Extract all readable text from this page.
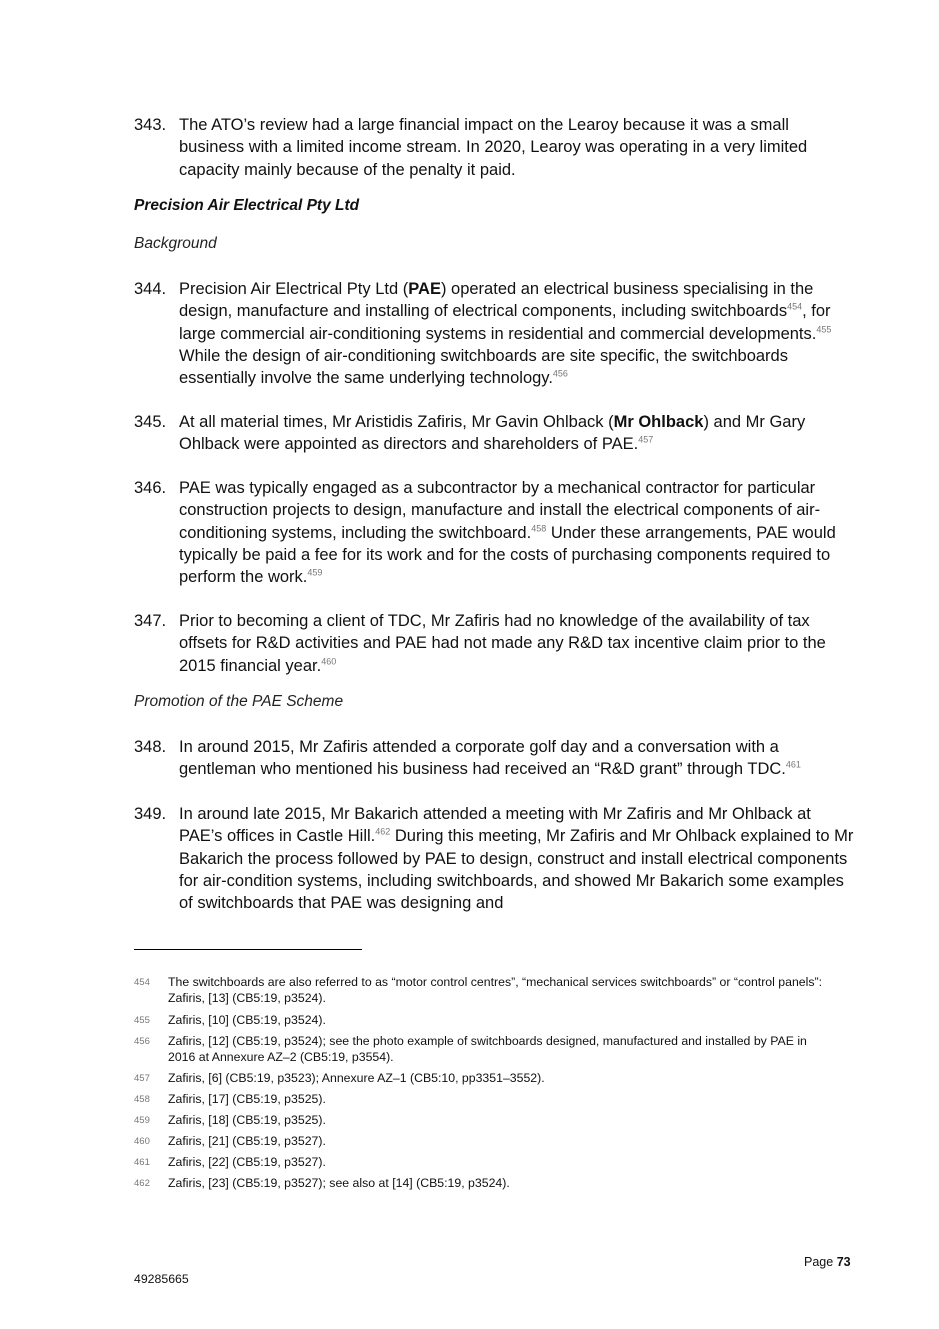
343. The ATO’s review had a large financial impact on the Learoy because it was a small business with a limited income stream. In 2020, Learoy was operating in a very limited capacity mainly because of the penalty it paid.
Precision Air Electrical Pty Ltd
Background
344. Precision Air Electrical Pty Ltd (PAE) operated an electrical business specialising in the design, manufacture and installing of electrical components, including switchboards$^{454}$, for large commercial air-conditioning systems in residential and commercial developments.$^{455}$ While the design of air-conditioning switchboards are site specific, the switchboards essentially involve the same underlying technology.$^{456}$
345. At all material times, Mr Aristidis Zafiris, Mr Gavin Ohlback (Mr Ohlback) and Mr Gary Ohlback were appointed as directors and shareholders of PAE.$^{457}$
346. PAE was typically engaged as a subcontractor by a mechanical contractor for particular construction projects to design, manufacture and install the electrical components of air-conditioning systems, including the switchboard.$^{458}$ Under these arrangements, PAE would typically be paid a fee for its work and for the costs of purchasing components required to perform the work.$^{459}$
347. Prior to becoming a client of TDC, Mr Zafiris had no knowledge of the availability of tax offsets for R&D activities and PAE had not made any R&D tax incentive claim prior to the 2015 financial year.$^{460}$
Promotion of the PAE Scheme
348. In around 2015, Mr Zafiris attended a corporate golf day and a conversation with a gentleman who mentioned his business had received an “R&D grant” through TDC.$^{461}$
349. In around late 2015, Mr Bakarich attended a meeting with Mr Zafiris and Mr Ohlback at PAE’s offices in Castle Hill.$^{462}$ During this meeting, Mr Zafiris and Mr Ohlback explained to Mr Bakarich the process followed by PAE to design, construct and install electrical components for air-condition systems, including switchboards, and showed Mr Bakarich some examples of switchboards that PAE was designing and
454 The switchboards are also referred to as “motor control centres”, “mechanical services switchboards” or “control panels”: Zafiris, [13] (CB5:19, p3524).
455 Zafiris, [10] (CB5:19, p3524).
456 Zafiris, [12] (CB5:19, p3524); see the photo example of switchboards designed, manufactured and installed by PAE in 2016 at Annexure AZ–2 (CB5:19, p3554).
457 Zafiris, [6] (CB5:19, p3523); Annexure AZ–1 (CB5:10, pp3351–3552).
458 Zafiris, [17] (CB5:19, p3525).
459 Zafiris, [18] (CB5:19, p3525).
460 Zafiris, [21] (CB5:19, p3527).
461 Zafiris, [22] (CB5:19, p3527).
462 Zafiris, [23] (CB5:19, p3527); see also at [14] (CB5:19, p3524).
Page 73
49285665
